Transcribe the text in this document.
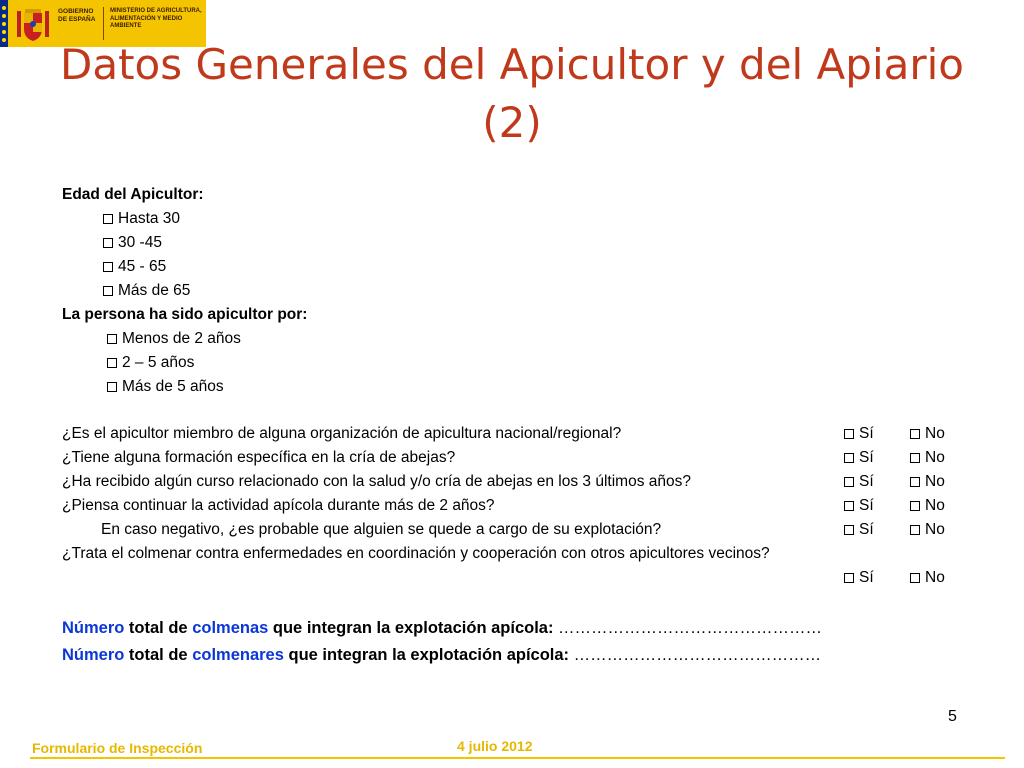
GOBIERNO DE ESPAÑA
MINISTERIO DE AGRICULTURA, ALIMENTACIÓN Y MEDIO AMBIENTE
Datos Generales del Apicultor y del Apiario (2)
Edad del Apicultor:
Hasta 30
30 -45
45 - 65
Más de 65
La persona ha sido apicultor por:
Menos de 2 años
2 – 5 años
Más de 5 años
¿Es el apicultor miembro de alguna organización de apicultura nacional/regional?	Sí	No
¿Tiene alguna formación específica en la cría de abejas?	Sí	No
¿Ha recibido algún curso relacionado con la salud y/o cría de abejas en los 3 últimos años?	Sí	No
¿Piensa continuar la actividad apícola durante más de 2 años?	Sí	No
En caso negativo, ¿es probable que alguien se quede a cargo de su explotación?	Sí	No
¿Trata el colmenar contra enfermedades en coordinación y cooperación con otros apicultores vecinos?
Sí	No
Número total de colmenas que integran la explotación apícola: …………………………………………
Número total de colmenares que integran la explotación apícola: ………………………………………
5
4 julio 2012
Formulario de Inspección
